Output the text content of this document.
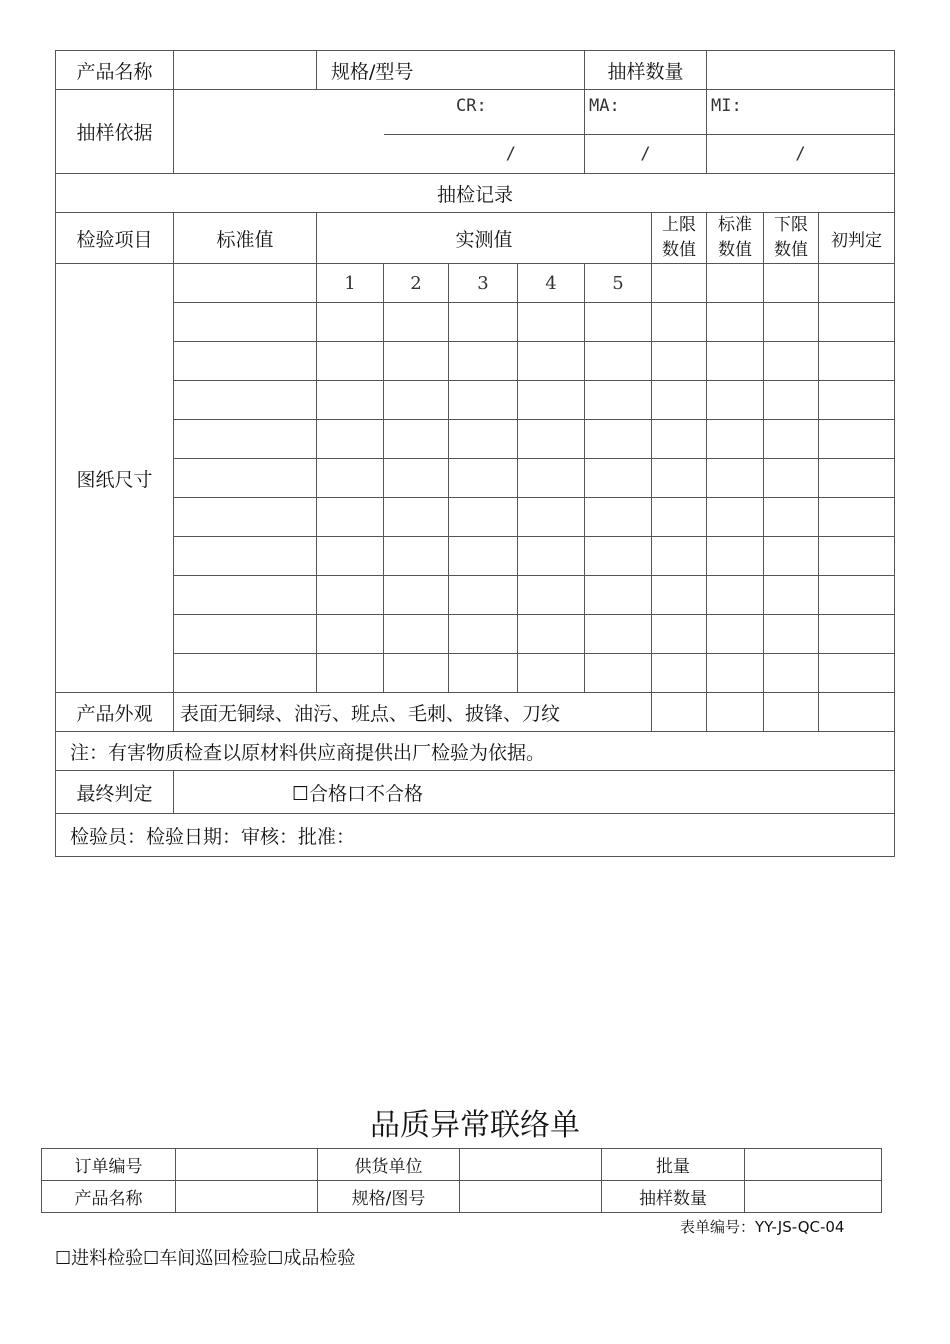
产品名称		规格/型号				抽样数量				
抽样依据	CR:					MA:		MI:		
	/					/		/		
抽检记录										
检验项目	标准值	实测值					上限数值	标准数值	下限数值	初判定
图纸尺寸		1	2	3	4	5				

产品外观	表面无铜绿、油污、班点、毛刺、披锋、刀纹									
注：有害物质检查以原材料供应商提供出厂检验为依据。										
最终判定	☐合格口不合格									
检验员：检验日期：审核：批准：										
品质异常联络单
订单编号		供货单位		批量	
产品名称		规格/图号		抽样数量	
表单编号：YY-JS-QC-04
☐进料检验☐车间巡回检验☐成品检验
